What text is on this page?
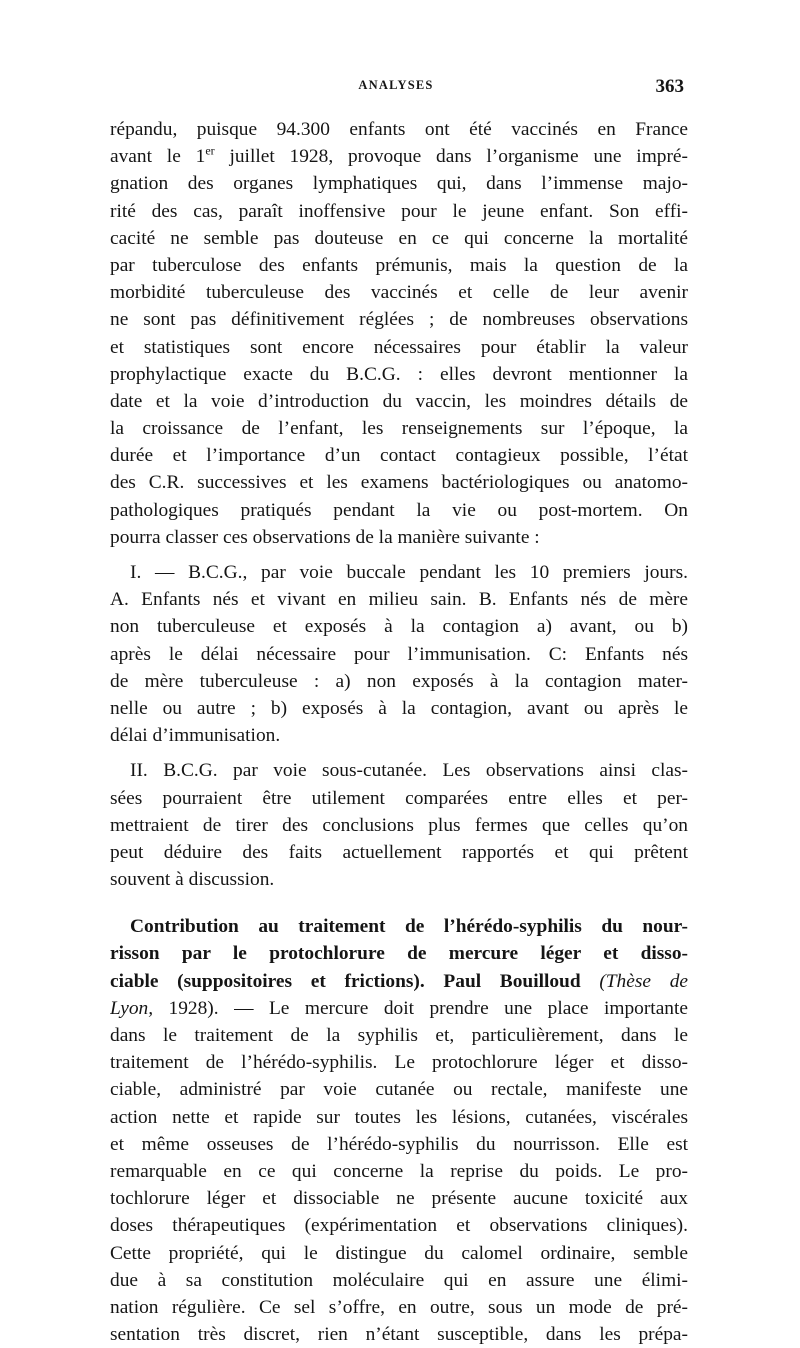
ANALYSES	363
répandu, puisque 94.300 enfants ont été vaccinés en France
avant le 1er juillet 1928, provoque dans l’organisme une impré-
gnation des organes lymphatiques qui, dans l’immense majo-
rité des cas, paraît inoffensive pour le jeune enfant. Son effi-
cacité ne semble pas douteuse en ce qui concerne la mortalité
par tuberculose des enfants prémunis, mais la question de la
morbidité tuberculeuse des vaccinés et celle de leur avenir
ne sont pas définitivement réglées ; de nombreuses observations
et statistiques sont encore nécessaires pour établir la valeur
prophylactique exacte du B.C.G. : elles devront mentionner la
date et la voie d’introduction du vaccin, les moindres détails de
la croissance de l’enfant, les renseignements sur l’époque, la
durée et l’importance d’un contact contagieux possible, l’état
des C.R. successives et les examens bactériologiques ou anatomo-
pathologiques pratiqués pendant la vie ou post-mortem. On
pourra classer ces observations de la manière suivante :
I. — B.C.G., par voie buccale pendant les 10 premiers jours.
A. Enfants nés et vivant en milieu sain. B. Enfants nés de mère
non tuberculeuse et exposés à la contagion a) avant, ou b)
après le délai nécessaire pour l’immunisation. C: Enfants nés
de mère tuberculeuse : a) non exposés à la contagion mater-
nelle ou autre ; b) exposés à la contagion, avant ou après le
délai d’immunisation.
II. B.C.G. par voie sous-cutanée. Les observations ainsi clas-
sées pourraient être utilement comparées entre elles et per-
mettraient de tirer des conclusions plus fermes que celles qu’on
peut déduire des faits actuellement rapportés et qui prêtent
souvent à discussion.
Contribution au traitement de l’hérédo-syphilis du nour-
risson par le protochlorure de mercure léger et disso-
ciable (suppositoires et frictions). Paul Bouilloud (Thèse de
Lyon, 1928). — Le mercure doit prendre une place importante
dans le traitement de la syphilis et, particulièrement, dans le
traitement de l’hérédo-syphilis. Le protochlorure léger et disso-
ciable, administré par voie cutanée ou rectale, manifeste une
action nette et rapide sur toutes les lésions, cutanées, viscérales
et même osseuses de l’hérédo-syphilis du nourrisson. Elle est
remarquable en ce qui concerne la reprise du poids. Le pro-
tochlorure léger et dissociable ne présente aucune toxicité aux
doses thérapeutiques (expérimentation et observations cliniques).
Cette propriété, qui le distingue du calomel ordinaire, semble
due à sa constitution moléculaire qui en assure une élimi-
nation régulière. Ce sel s’offre, en outre, sous un mode de pré-
sentation très discret, rien n’étant susceptible, dans les prépa-
